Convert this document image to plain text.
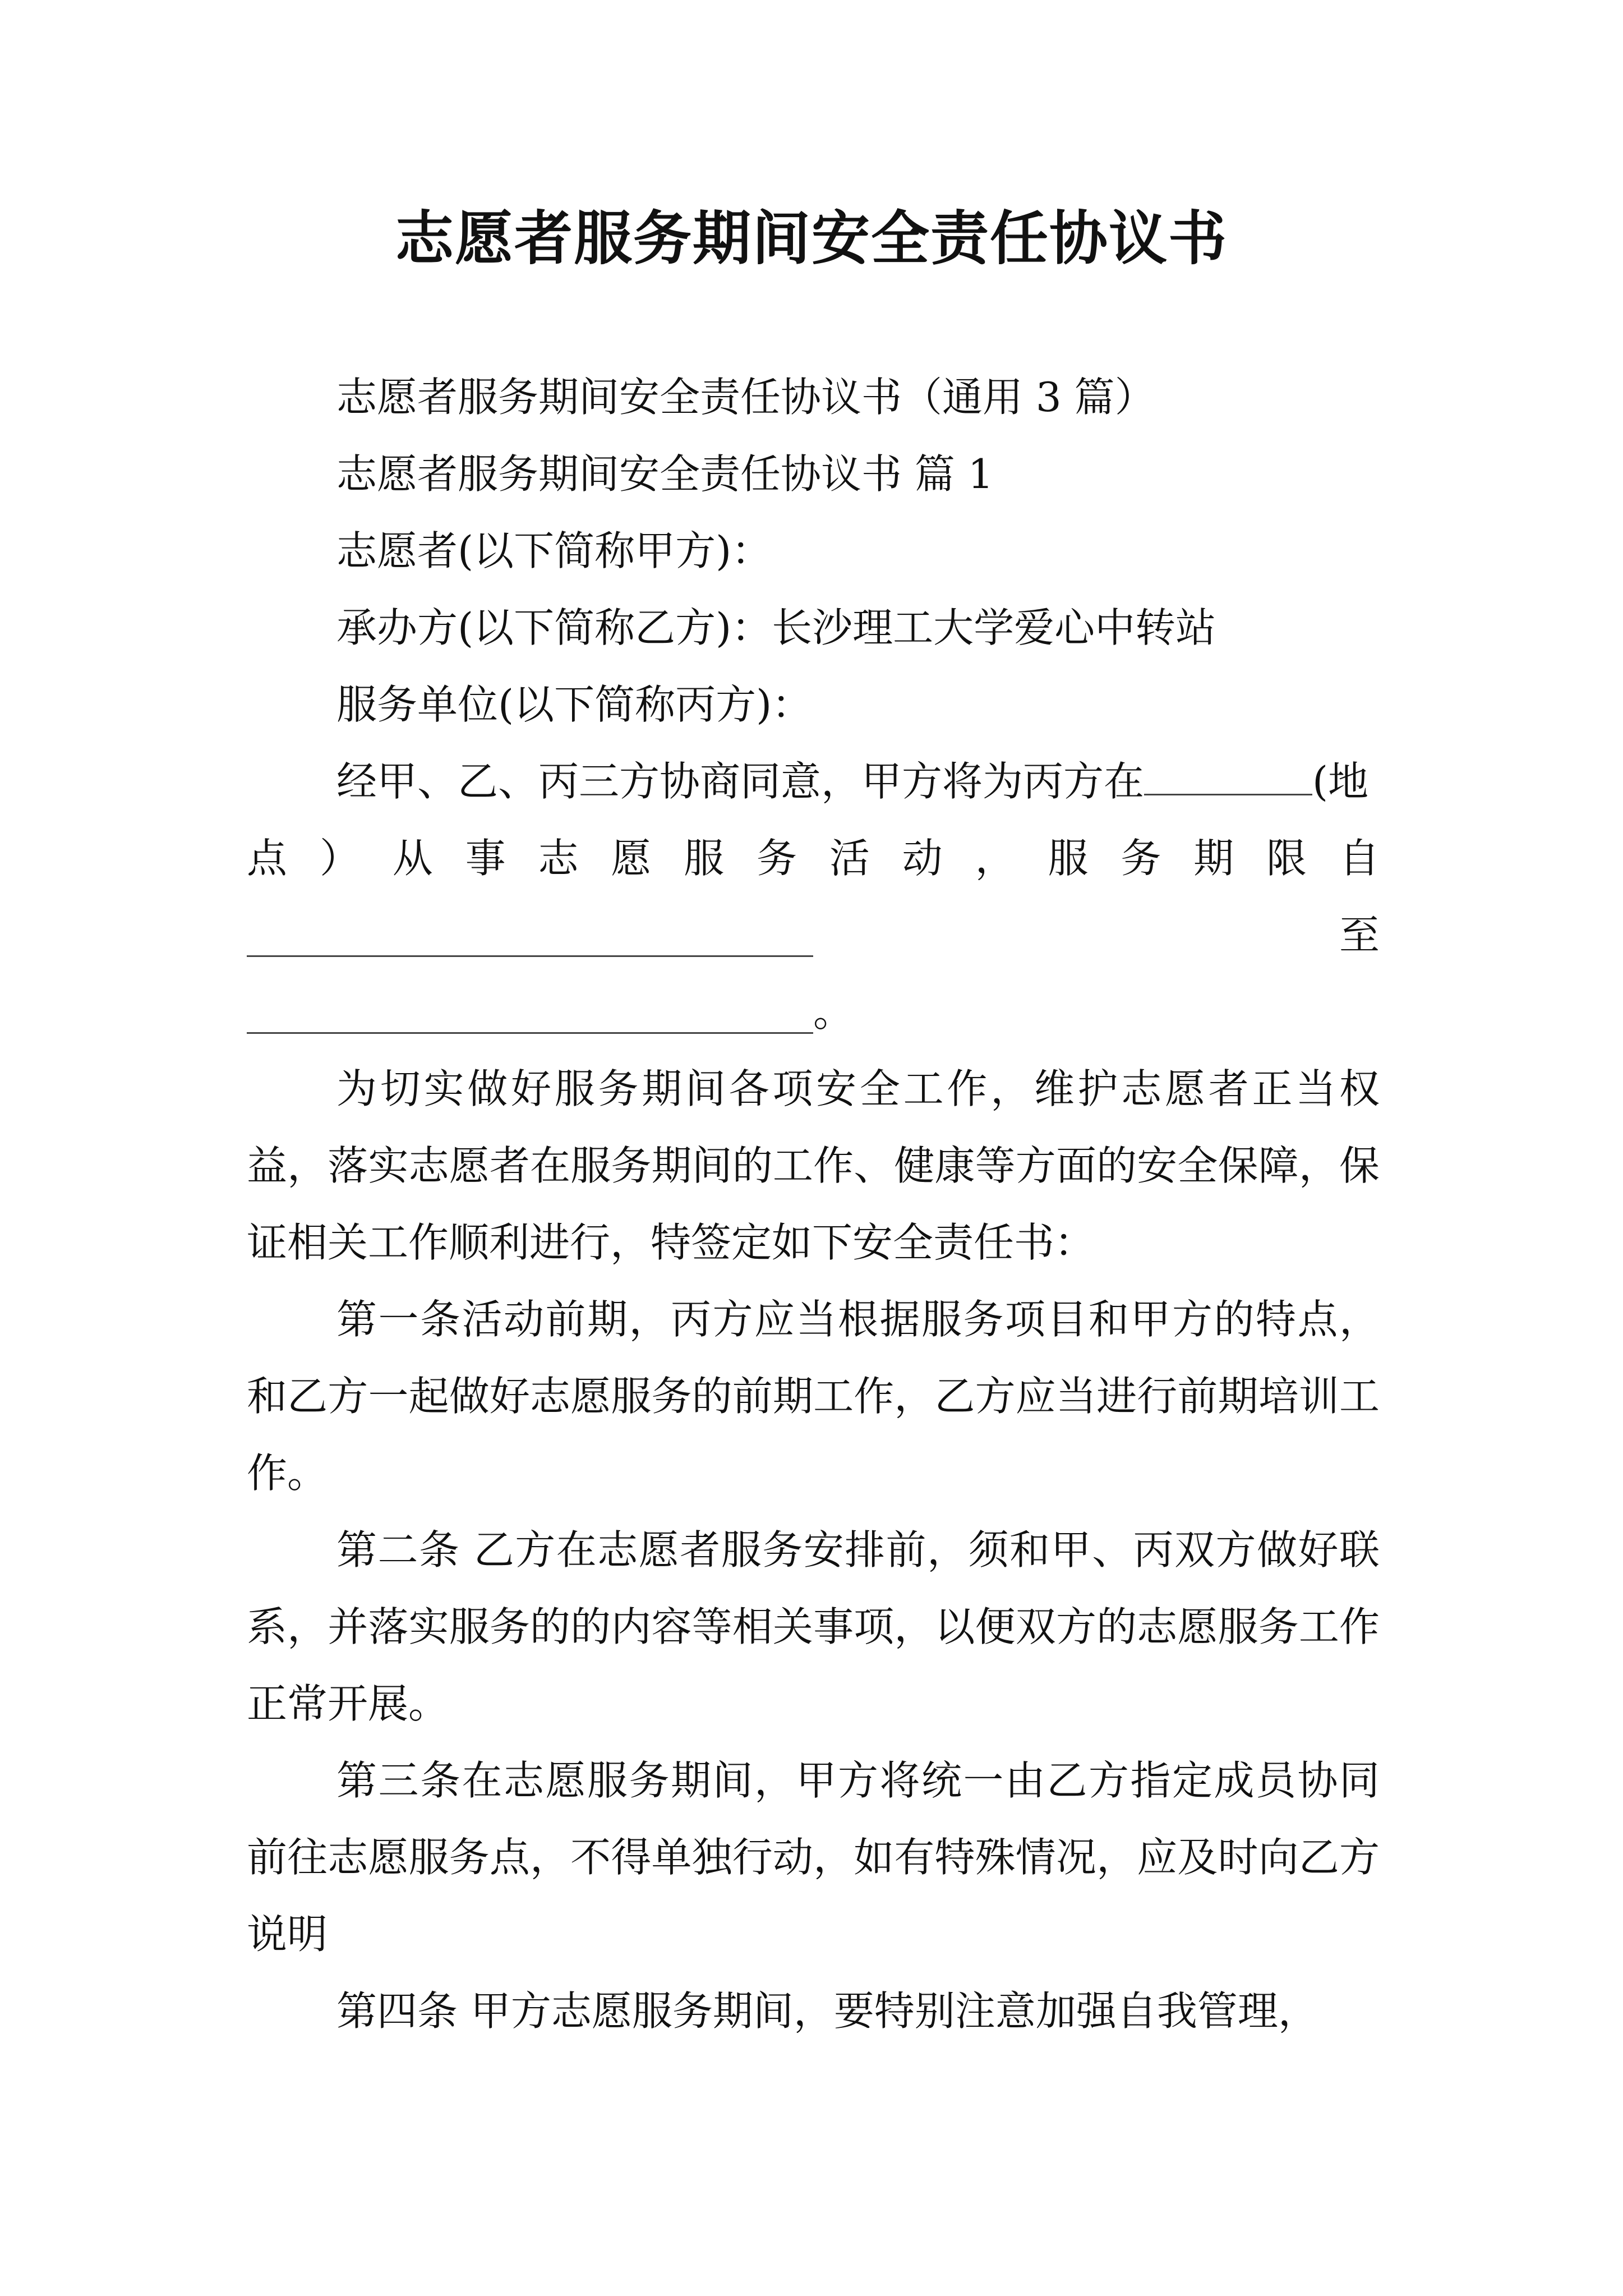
志愿者服务期间安全责任协议书

志愿者服务期间安全责任协议书（通用 3 篇）

志愿者服务期间安全责任协议书 篇 1

志愿者(以下简称甲方)：

承办方(以下简称乙方)：长沙理工大学爱心中转站

服务单位(以下简称丙方)：

经甲、乙、丙三方协商同意，甲方将为丙方在	(地

点 ） 从 事 志 愿 服 务 活 动 ， 服 务 期 限 自
至
。

为切实做好服务期间各项安全工作，维护志愿者正当权益，落实志愿者在服务期间的工作、健康等方面的安全保障，保证相关工作顺利进行，特签定如下安全责任书：

第一条活动前期，丙方应当根据服务项目和甲方的特点，和乙方一起做好志愿服务的前期工作，乙方应当进行前期培训工作。

第二条 乙方在志愿者服务安排前，须和甲、丙双方做好联系，并落实服务的的内容等相关事项，以便双方的志愿服务工作正常开展。

第三条在志愿服务期间，甲方将统一由乙方指定成员协同前往志愿服务点，不得单独行动，如有特殊情况，应及时向乙方说明

第四条 甲方志愿服务期间，要特别注意加强自我管理，
